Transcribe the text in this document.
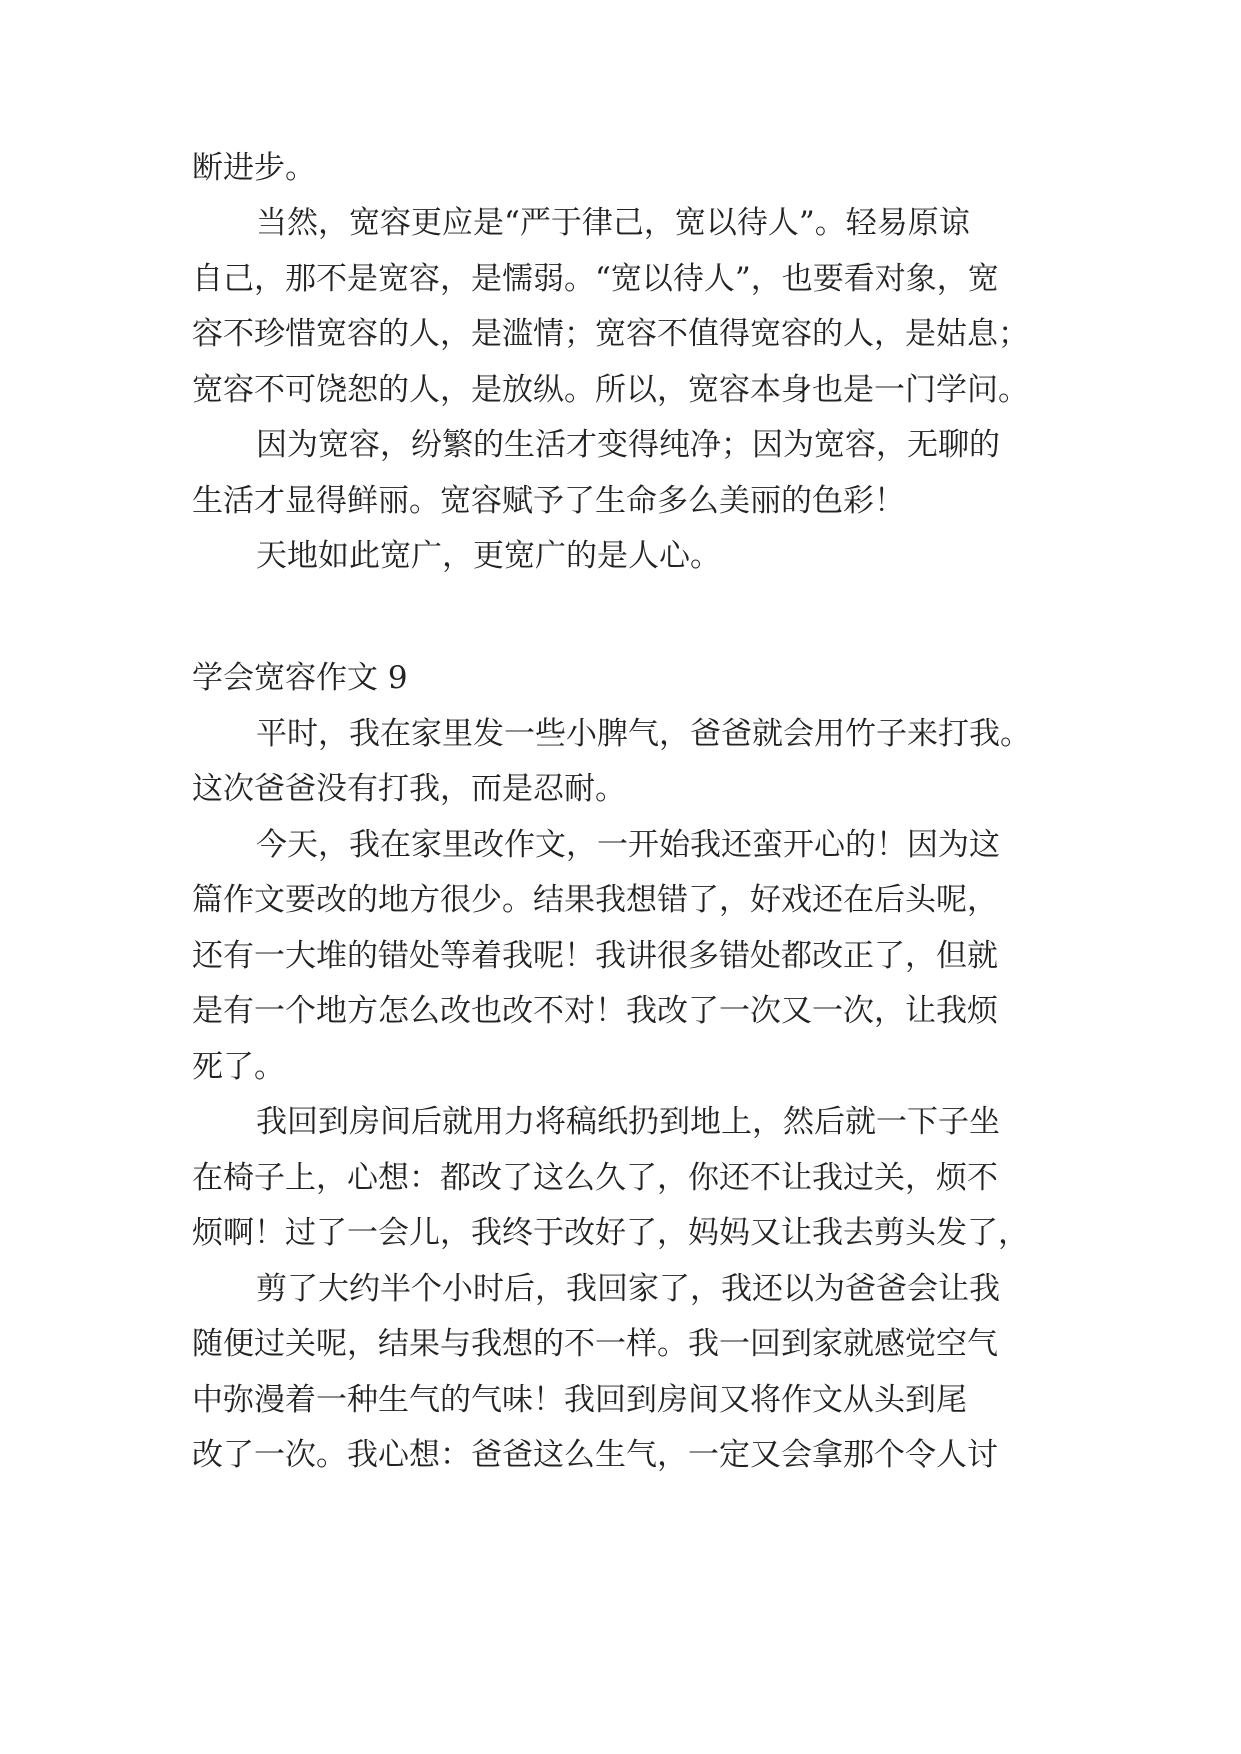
断进步。

当然，宽容更应是“严于律己，宽以待人”。轻易原谅

自己，那不是宽容，是懦弱。“宽以待人”，也要看对象，宽

容不珍惜宽容的人，是滥情；宽容不值得宽容的人，是姑息；

宽容不可饶恕的人，是放纵。所以，宽容本身也是一门学问。

因为宽容，纷繁的生活才变得纯净；因为宽容，无聊的

生活才显得鲜丽。宽容赋予了生命多么美丽的色彩！

天地如此宽广，更宽广的是人心。

学会宽容作文 9

平时，我在家里发一些小脾气，爸爸就会用竹子来打我。

这次爸爸没有打我，而是忍耐。

今天，我在家里改作文，一开始我还蛮开心的！因为这

篇作文要改的地方很少。结果我想错了，好戏还在后头呢，

还有一大堆的错处等着我呢！我讲很多错处都改正了，但就

是有一个地方怎么改也改不对！我改了一次又一次，让我烦

死了。

我回到房间后就用力将稿纸扔到地上，然后就一下子坐

在椅子上，心想：都改了这么久了，你还不让我过关，烦不

烦啊！过了一会儿，我终于改好了，妈妈又让我去剪头发了，

剪了大约半个小时后，我回家了，我还以为爸爸会让我

随便过关呢，结果与我想的不一样。我一回到家就感觉空气

中弥漫着一种生气的气味！我回到房间又将作文从头到尾

改了一次。我心想：爸爸这么生气，一定又会拿那个令人讨
